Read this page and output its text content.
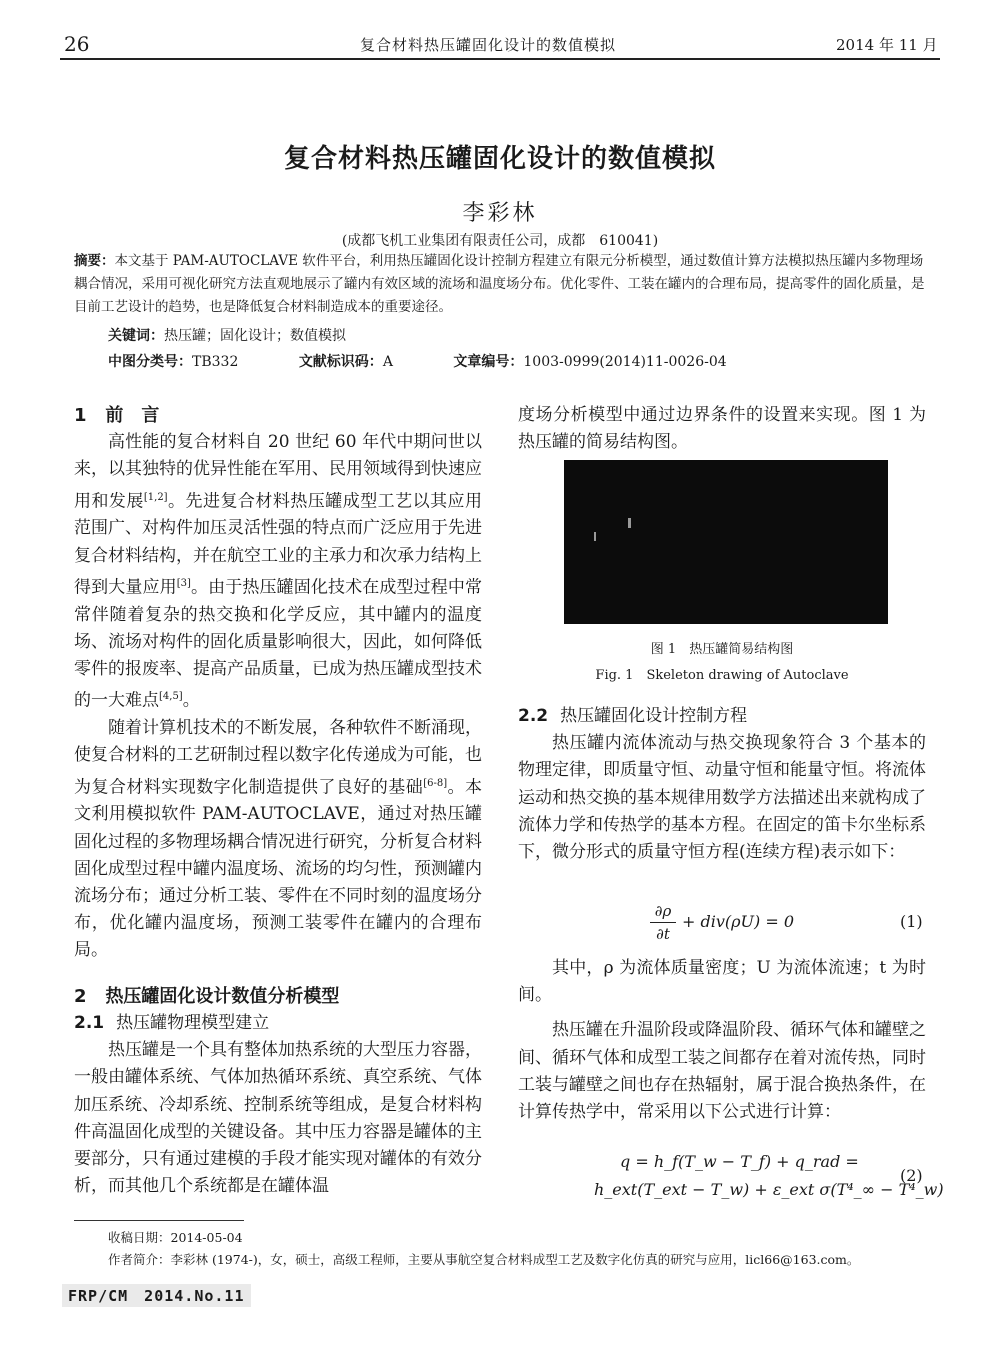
26	复合材料热压罐固化设计的数值模拟	2014 年 11 月
复合材料热压罐固化设计的数值模拟
李彩林
(成都飞机工业集团有限责任公司，成都　610041)
摘要：本文基于 PAM-AUTOCLAVE 软件平台，利用热压罐固化设计控制方程建立有限元分析模型，通过数值计算方法模拟热压罐内多物理场耦合情况，采用可视化研究方法直观地展示了罐内有效区域的流场和温度场分布。优化零件、工装在罐内的合理布局，提高零件的固化质量，是目前工艺设计的趋势，也是降低复合材料制造成本的重要途径。
关键词：热压罐；固化设计；数值模拟
中图分类号：TB332	文献标识码：A	文章编号：1003-0999(2014)11-0026-04
1 前　言

高性能的复合材料自 20 世纪 60 年代中期问世以来，以其独特的优异性能在军用、民用领域得到快速应用和发展[1,2]。先进复合材料热压罐成型工艺以其应用范围广、对构件加压灵活性强的特点而广泛应用于先进复合材料结构，并在航空工业的主承力和次承力结构上得到大量应用[3]。由于热压罐固化技术在成型过程中常常伴随着复杂的热交换和化学反应，其中罐内的温度场、流场对构件的固化质量影响很大，因此，如何降低零件的报废率、提高产品质量，已成为热压罐成型技术的一大难点[4,5]。

随着计算机技术的不断发展，各种软件不断涌现，使复合材料的工艺研制过程以数字化传递成为可能，也为复合材料实现数字化制造提供了良好的基础[6-8]。本文利用模拟软件 PAM-AUTOCLAVE，通过对热压罐固化过程的多物理场耦合情况进行研究，分析复合材料固化成型过程中罐内温度场、流场的均匀性，预测罐内流场分布；通过分析工装、零件在不同时刻的温度场分布，优化罐内温度场，预测工装零件在罐内的合理布局。

2 热压罐固化设计数值分析模型
2.1 热压罐物理模型建立

热压罐是一个具有整体加热系统的大型压力容器，一般由罐体系统、气体加热循环系统、真空系统、气体加压系统、冷却系统、控制系统等组成，是复合材料构件高温固化成型的关键设备。其中压力容器是罐体的主要部分，只有通过建模的手段才能实现对罐体的有效分析，而其他几个系统都是在罐体温

度场分析模型中通过边界条件的设置来实现。图 1 为热压罐的简易结构图。

图 1　热压罐简易结构图
Fig. 1　Skeleton drawing of Autoclave
2.2 热压罐固化设计控制方程

热压罐内流体流动与热交换现象符合 3 个基本的物理定律，即质量守恒、动量守恒和能量守恒。将流体运动和热交换的基本规律用数学方法描述出来就构成了流体力学和传热学的基本方程。在固定的笛卡尔坐标系下，微分形式的质量守恒方程(连续方程)表示如下：

∂ρ
∂t
+ div(ρU) = 0	(1)

其中，ρ 为流体质量密度；U 为流体流速；t 为时间。

热压罐在升温阶段或降温阶段、循环气体和罐壁之间、循环气体和成型工装之间都存在着对流传热，同时工装与罐壁之间也存在热辐射，属于混合换热条件，在计算传热学中，常采用以下公式进行计算：

q = h_f(T_w − T_f) + q_rad =
h_ext(T_ext − T_w) + ε_ext σ(T⁴_∞ − T⁴_w)
(2)
收稿日期：2014-05-04
作者简介：李彩林 (1974-)，女，硕士，高级工程师，主要从事航空复合材料成型工艺及数字化仿真的研究与应用，licl66@163.com。
FRP/CM　2014.No.11
